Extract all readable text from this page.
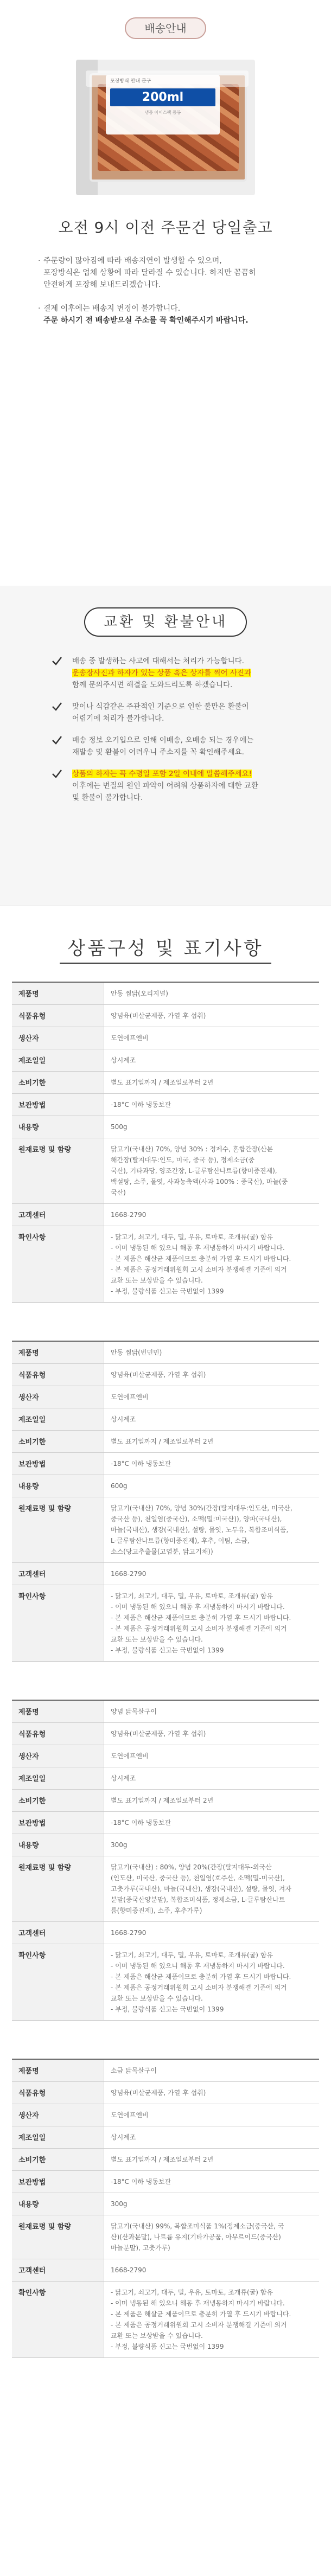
배송안내
포장방식 안내 문구
200ml
냉동 아이스팩 동봉
오전 9시 이전 주문건 당일출고
· 주문량이 많아짐에 따라 배송지연이 발생할 수 있으며,
포장방식은 업체 상황에 따라 달라질 수 있습니다. 하지만 꼼꼼히
안전하게 포장해 보내드리겠습니다.
· 결제 이후에는 배송지 변경이 불가합니다.
주문 하시기 전 배송받으실 주소를 꼭 확인해주시기 바랍니다.
교환 및 환불안내
배송 중 발생하는 사고에 대해서는 처리가 가능합니다.
운송장사진과 하자가 있는 상품 혹은 상자를 찍어 사진과
함께 문의주시면 해결을 도와드리도록 하겠습니다.
맛이나 식감같은 주관적인 기준으로 인한 불만은 환불이
어렵기에 처리가 불가합니다.
배송 정보 오기입으로 인해 이배송, 오배송 되는 경우에는
재발송 및 환불이 어려우니 주소지를 꼭 확인해주세요.
상품의 하자는 꼭 수령일 포함 2일 이내에 말씀해주세요!
이후에는 변질의 원인 파악이 어려워 상품하자에 대한 교환
및 환불이 불가합니다.
상품구성 및 표기사항
제품명	안동 찜닭(오리지널)
식품유형	양념육(비살균제품, 가열 후 섭취)
생산자	도연에프엔비
제조일일	상시제조
소비기한	별도 표기일까지 / 제조일로부터 2년
보관방법	-18°C 이하 냉동보관
내용량	500g
원재료명 및 함량	닭고기(국내산) 70%, 양념 30% : 정제수, 혼합간장(산분
해간장(탈지대두:인도, 미국, 중국 등), 정제소금(중
국산), 기타과당, 양조간장, L-글루탐산나트륨(향미증진제),
백설탕, 소주, 물엿, 사과농축액(사과 100% : 중국산), 마늘(중
국산)
고객센터	1668-2790
확인사항	- 닭고기, 쇠고기, 대두, 밀, 우유, 토마토, 조개류(굴) 함유
- 이미 냉동된 해 있으니 해동 후 재냉동하지 마시기 바랍니다.
- 본 제품은 해살균 제품이므로 충분히 가열 후 드시기 바랍니다.
- 본 제품은 공정거래위원회 고시 소비자 분쟁해결 기준에 의거
교환 또는 보상받을 수 있습니다.
- 부정, 불량식품 신고는 국번없이 1399
제품명	안동 찜닭(빈민민)
식품유형	양념육(비살균제품, 가열 후 섭취)
생산자	도연에프엔비
제조일일	상시제조
소비기한	별도 표기일까지 / 제조일로부터 2년
보관방법	-18°C 이하 냉동보관
내용량	600g
원재료명 및 함량	닭고기(국내산) 70%, 양념 30%(간장(탈지대두:인도산, 미국산,
중국산 등), 천일염(중국산), 소맥(밀:미국산)), 양파(국내산),
마늘(국내산), 생강(국내산), 설탕, 물엿, 노두유, 복합조미식품,
L-글루탐산나트륨(향미증진제), 후추, 이팀, 소금,
소스(당고추출물(고염분, 닭고기채))
고객센터	1668-2790
확인사항	- 닭고기, 쇠고기, 대두, 밀, 우유, 토마토, 조개류(굴) 함유
- 이미 냉동된 해 있으니 해동 후 재냉동하지 마시기 바랍니다.
- 본 제품은 해살균 제품이므로 충분히 가열 후 드시기 바랍니다.
- 본 제품은 공정거래위원회 고시 소비자 분쟁해결 기준에 의거
교환 또는 보상받을 수 있습니다.
- 부정, 불량식품 신고는 국번없이 1399
제품명	양념 닭목살구이
식품유형	양념육(비살균제품, 가열 후 섭취)
생산자	도연에프엔비
제조일일	상시제조
소비기한	별도 표기일까지 / 제조일로부터 2년
보관방법	-18°C 이하 냉동보관
내용량	300g
원재료명 및 함량	닭고기(국내산) : 80%, 양념 20%(간장(탈지대두-외국산
(인도산, 미국산, 중국산 등), 천일염(호주산, 소맥(밀-미국산),
고춧가루(국내산), 마늘(국내산), 생강(국내산), 설탕, 물엿, 겨자
분말(중국산양분말), 복합조미식품, 정제소금, L-글루탐산나트
륨(향미증진제), 소주, 후추가루)
고객센터	1668-2790
확인사항	- 닭고기, 쇠고기, 대두, 밀, 우유, 토마토, 조개류(굴) 함유
- 이미 냉동된 해 있으니 해동 후 재냉동하지 마시기 바랍니다.
- 본 제품은 해살균 제품이므로 충분히 가열 후 드시기 바랍니다.
- 본 제품은 공정거래위원회 고시 소비자 분쟁해결 기준에 의거
교환 또는 보상받을 수 있습니다.
- 부정, 불량식품 신고는 국번없이 1399
제품명	소금 닭목살구이
식품유형	양념육(비살균제품, 가열 후 섭취)
생산자	도연에프엔비
제조일일	상시제조
소비기한	별도 표기일까지 / 제조일로부터 2년
보관방법	-18°C 이하 냉동보관
내용량	300g
원재료명 및 함량	닭고기(국내산) 99%, 복합조미식품 1%(정제소금(중국산, 국
산)(산과분말), 나트륨 유지(기타가공품, 아무르이드(중국산)
마늘분말), 고춧가루)
고객센터	1668-2790
확인사항	- 닭고기, 쇠고기, 대두, 밀, 우유, 토마토, 조개류(굴) 함유
- 이미 냉동된 해 있으니 해동 후 재냉동하지 마시기 바랍니다.
- 본 제품은 해살균 제품이므로 충분히 가열 후 드시기 바랍니다.
- 본 제품은 공정거래위원회 고시 소비자 분쟁해결 기준에 의거
교환 또는 보상받을 수 있습니다.
- 부정, 불량식품 신고는 국번없이 1399
